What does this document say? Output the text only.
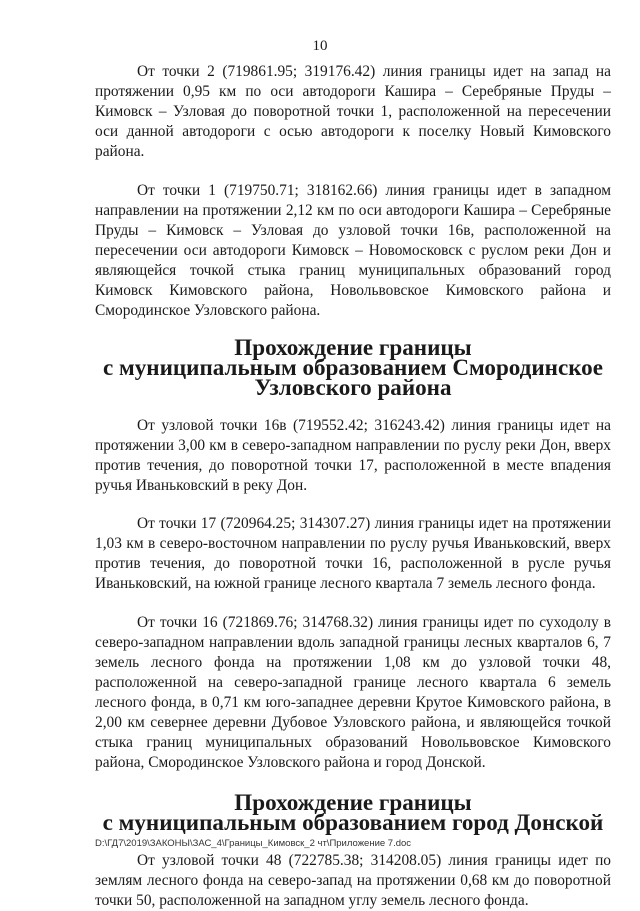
10

От точки 2 (719861.95; 319176.42) линия границы идет на запад на протяжении 0,95 км по оси автодороги Кашира – Серебряные Пруды – Кимовск – Узловая до поворотной точки 1, расположенной на пересечении оси данной автодороги с осью автодороги к поселку Новый Кимовского района.

От точки 1 (719750.71; 318162.66) линия границы идет в западном направлении на протяжении 2,12 км по оси автодороги Кашира – Серебряные Пруды – Кимовск – Узловая до узловой точки 16в, расположенной на пересечении оси автодороги Кимовск – Новомосковск с руслом реки Дон и являющейся точкой стыка границ муниципальных образований город Кимовск Кимовского района, Новольвовское Кимовского района и Смородинское Узловского района.

Прохождение границы
с муниципальным образованием Смородинское
Узловского района

От узловой точки 16в (719552.42; 316243.42) линия границы идет на протяжении 3,00 км в северо-западном направлении по руслу реки Дон, вверх против течения, до поворотной точки 17, расположенной в месте впадения ручья Иваньковский в реку Дон.

От точки 17 (720964.25; 314307.27) линия границы идет на протяжении 1,03 км в северо-восточном направлении по руслу ручья Иваньковский, вверх против течения, до поворотной точки 16, расположенной в русле ручья Иваньковский, на южной границе лесного квартала 7 земель лесного фонда.

От точки 16 (721869.76; 314768.32) линия границы идет по суходолу в северо-западном направлении вдоль западной границы лесных кварталов 6, 7 земель лесного фонда на протяжении 1,08 км до узловой точки 48, расположенной на северо-западной границе лесного квартала 6 земель лесного фонда, в 0,71 км юго-западнее деревни Крутое Кимовского района, в 2,00 км севернее деревни Дубовое Узловского района, и являющейся точкой стыка границ муниципальных образований Новольвовское Кимовского района, Смородинское Узловского района и город Донской.

Прохождение границы
с муниципальным образованием город Донской

От узловой точки 48 (722785.38; 314208.05) линия границы идет по землям лесного фонда на северо-запад на протяжении 0,68 км до поворотной точки 50, расположенной на западном углу земель лесного фонда.

D:\ГД7\2019\ЗАКОНЫ\ЗАС_4\Границы_Кимовск_2 чт\Приложение 7.doc
